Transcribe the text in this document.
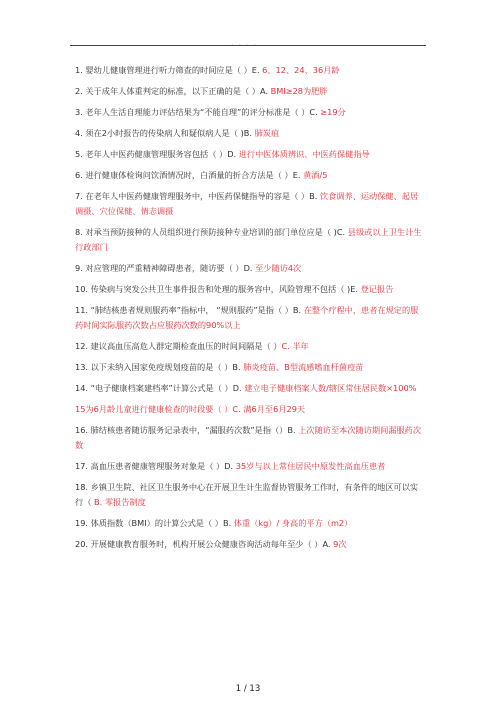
．．．．

1. 婴幼儿健康管理进行听力筛查的时间应是（ ）E. 6、12、24、36月龄

2. 关于成年人体重判定的标准，以下正确的是（ ）A. BMI≥28为肥胖

3. 老年人生活自理能力评估结果为“不能自理”的评分标准是（ ）C. ≥19分

4. 须在2小时报告的传染病人和疑似病人是（ )B. 肺炭疽

5. 老年人中医药健康管理服务容包括（ ）D. 进行中医体质辨识、中医药保健指导

6. 进行健康体检询问饮酒情况时，白酒量的折合方法是（ ）E. 黄酒/5

7. 在老年人中医药健康管理服务中，中医药保健指导的容是（ ）B. 饮食调养、运动保健、起居调摄、穴位保健、情志调摄

8. 对承当预防接种的人员组织进行预防接种专业培训的部门单位应是（ )C. 县级或以上卫生计生行政部门

9. 对应管理的严重精神障碍患者，随访要（ ）D. 至少随访4次

10. 传染病与突发公共卫生事件报告和处理的服务容中，风险管理不包括（ )E. 登记报告

11. “肺结核患者规则服药率”指标中， “规则服药”是指（ ）B. 在整个疗程中，患者在规定的服药时间实际服药次数占应服药次数的90%以上

12. 建议高血压高危人群定期检查血压的时间间隔是（ ）C. 半年

13. 以下未纳入国家免疫规划疫苗的是（ ）B. 肺炎疫苗、B型流感嗜血杆菌疫苗

14. “电子健康档案建档率”计算公式是（ ）D. 建立电子健康档案人数/辖区常住居民数×100%

15为6月龄儿童进行健康检查的时段要（ ）C. 满6月至6月29天

16. 肺结核患者随访服务记录表中，“漏服药次数”是指（）B. 上次随访至本次随访期间漏服药次数

17. 高血压患者健康管理服务对象是（ ）D. 35岁与以上常住居民中原发性高血压患者

18. 乡镇卫生院、社区卫生服务中心在开展卫生计生监督协管服务工作时，有条件的地区可以实行（ B. 零报告制度

19. 体质指数（BMI）的计算公式是（ ）B. 体重（kg）/ 身高的平方（m2）

20. 开展健康教育服务时，机构开展公众健康咨询活动每年至少（ ）A. 9次

1 / 13
